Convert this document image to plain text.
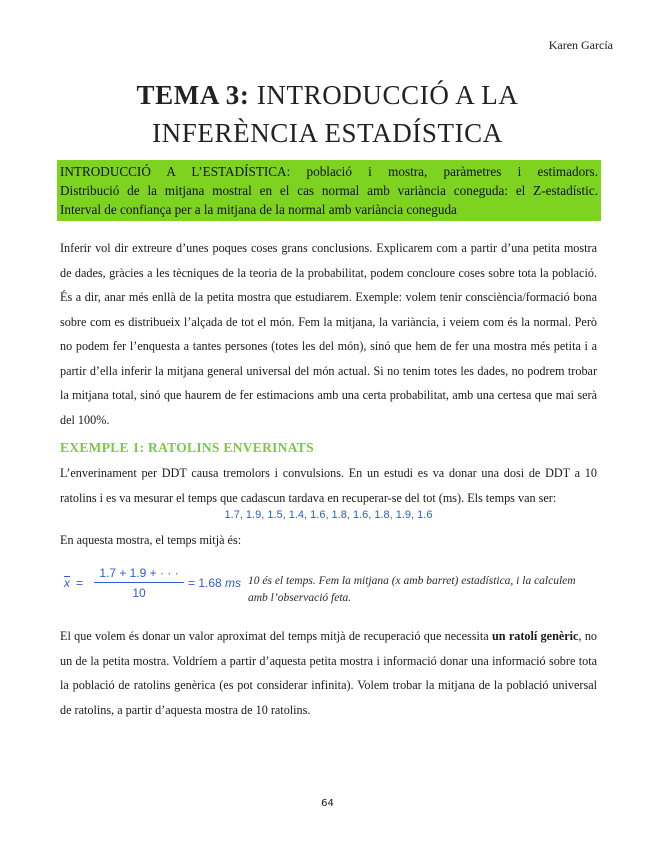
Karen García
TEMA 3: INTRODUCCIÓ A LA
INFERÈNCIA ESTADÍSTICA
INTRODUCCIÓ A L’ESTADÍSTICA: població i mostra, paràmetres i estimadors.
Distribució de la mitjana mostral en el cas normal amb variància coneguda: el Z-estadístic.
Interval de confiança per a la mitjana de la normal amb variància coneguda
Inferir vol dir extreure d’unes poques coses grans conclusions. Explicarem com a partir d’una petita mostra de dades, gràcies a les tècniques de la teoria de la probabilitat, podem concloure coses sobre tota la població. És a dir, anar més enllà de la petita mostra que estudiarem. Exemple: volem tenir consciència/formació bona sobre com es distribueix l’alçada de tot el món. Fem la mitjana, la variància, i veiem com és la normal. Però no podem fer l’enquesta a tantes persones (totes les del món), sinó que hem de fer una mostra més petita i a partir d’ella inferir la mitjana general universal del món actual. Si no tenim totes les dades, no podrem trobar la mitjana total, sinó que haurem de fer estimacions amb una certa probabilitat, amb una certesa que mai serà del 100%.
EXEMPLE 1: RATOLINS ENVERINATS
L’enverinament per DDT causa tremolors i convulsions. En un estudi es va donar una dosi de DDT a 10 ratolins i es va mesurar el temps que cadascun tardava en recuperar-se del tot (ms). Els temps van ser:
1.7, 1.9, 1.5, 1.4, 1.6, 1.8, 1.6, 1.8, 1.9, 1.6
En aquesta mostra, el temps mitjà és:
$x = \frac{1.7 + 1.9 + \cdot \cdot \cdot}{10} = 1.68$ ms 10 és el temps. Fem la mitjana (x amb barret) estadística, i la calculem amb l’observació feta.
El que volem és donar un valor aproximat del temps mitjà de recuperació que necessita un ratolí genèric, no un de la petita mostra. Voldríem a partir d’aquesta petita mostra i informació donar una informació sobre tota la població de ratolins genèrica (es pot considerar infinita). Volem trobar la mitjana de la població universal de ratolins, a partir d’aquesta mostra de 10 ratolins.
64
